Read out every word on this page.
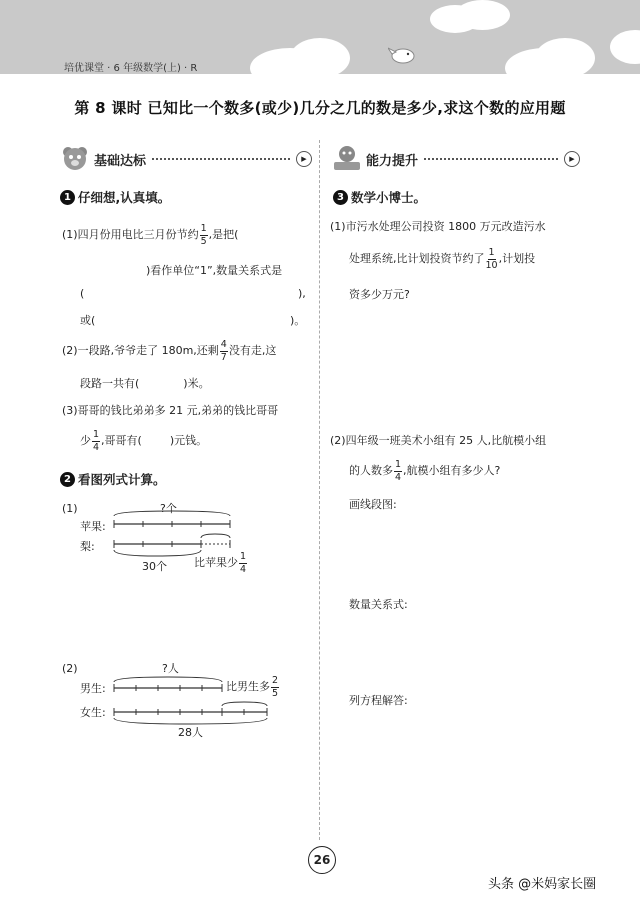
培优课堂 · 6 年级数学(上) · R
第 8 课时 已知比一个数多(或少)几分之几的数是多少,求这个数的应用题
基础达标	▶
1 仔细想,认真填。
(1)四月份用电比三月份节约 $\frac{1}{5}$ ,是把(
)看作单位“1”,数量关系式是
(	),
或(	)。
(2)一段路,爷爷走了 180m,还剩 $\frac{4}{7}$ 没有走,这
段路一共有(	)米。
(3)哥哥的钱比弟弟多 21 元,弟弟的钱比哥哥
少 $\frac{1}{4}$ ,哥哥有(	)元钱。
2 看图列式计算。
(1)	?个
苹果:
梨:
30个 比苹果少 $\frac{1}{4}$
(2)	?人
男生:
女生:
比男生多 $\frac{2}{5}$
28人
能力提升	▶
3 数学小博士。
(1)市污水处理公司投资 1800 万元改造污水
处理系统,比计划投资节约了 $\frac{1}{10}$ ,计划投
资多少万元?
(2)四年级一班美术小组有 25 人,比航模小组
的人数多 $\frac{1}{4}$ ,航模小组有多少人?
画线段图:
数量关系式:
列方程解答:
26
头条 @米妈家长圈
